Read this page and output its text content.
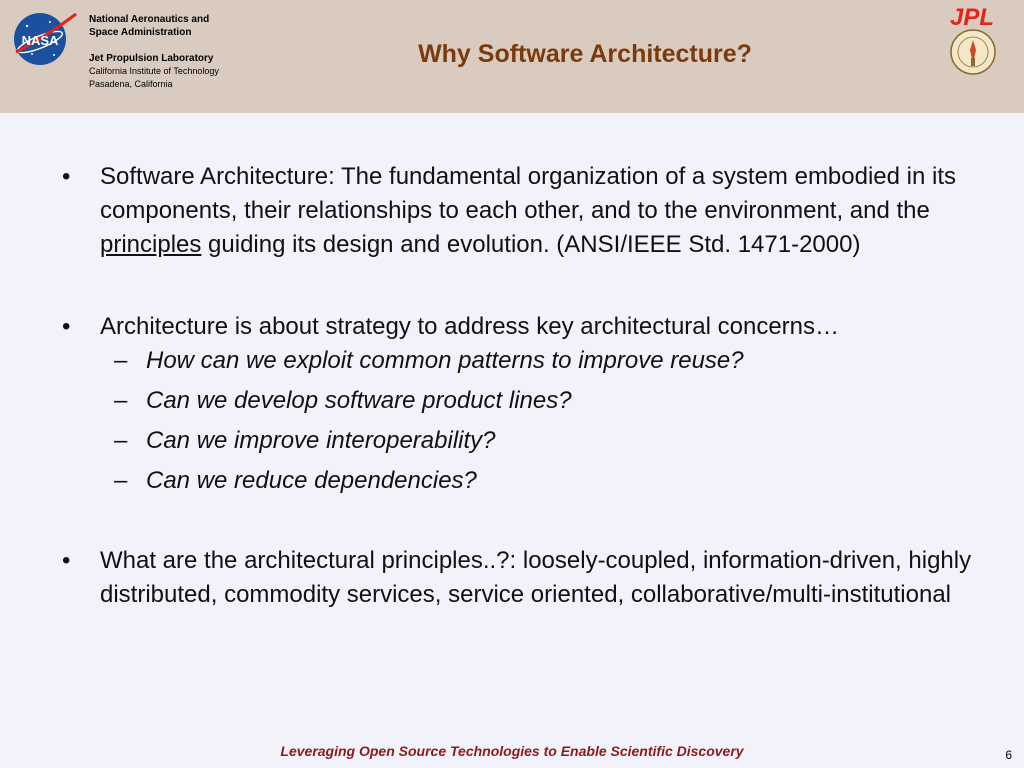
NASA
National Aeronautics and
Space Administration
Jet Propulsion Laboratory
California Institute of Technology
Pasadena, California
Why Software Architecture?
JPL
• Software Architecture: The fundamental organization of a system embodied in its components, their relationships to each other, and to the environment, and the principles guiding its design and evolution. (ANSI/IEEE Std. 1471-2000)

• Architecture is about strategy to address key architectural concerns…

– How can we exploit common patterns to improve reuse?
– Can we develop software product lines?
– Can we improve interoperability?
– Can we reduce dependencies?
• What are the architectural principles..?: loosely-coupled, information-driven, highly distributed, commodity services, service oriented, collaborative/multi-institutional

Leveraging Open Source Technologies to Enable Scientific Discovery	6
